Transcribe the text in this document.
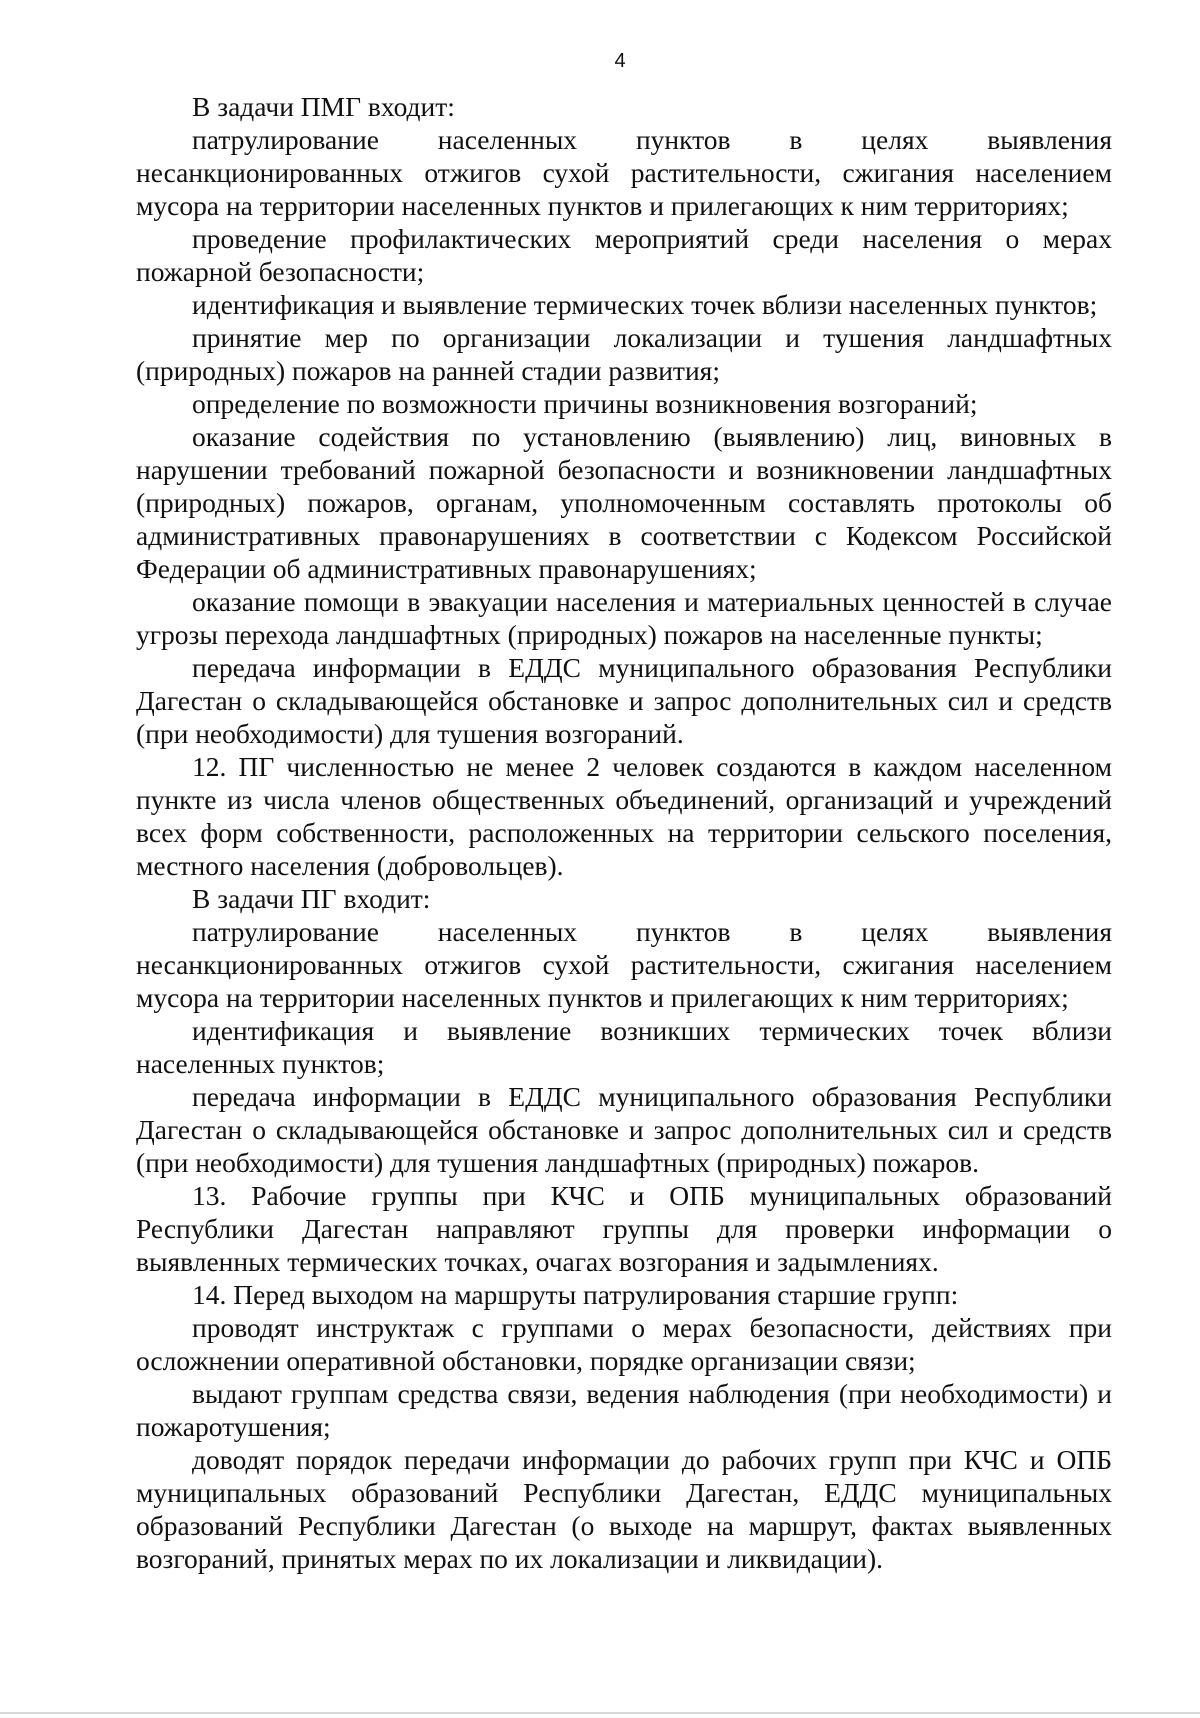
4

В задачи ПМГ входит:

патрулирование населенных пунктов в целях выявления несанкционированных отжигов сухой растительности, сжигания населением мусора на территории населенных пунктов и прилегающих к ним территориях;

проведение профилактических мероприятий среди населения о мерах пожарной безопасности;

идентификация и выявление термических точек вблизи населенных пунктов;

принятие мер по организации локализации и тушения ландшафтных (природных) пожаров на ранней стадии развития;

определение по возможности причины возникновения возгораний;

оказание содействия по установлению (выявлению) лиц, виновных в нарушении требований пожарной безопасности и возникновении ландшафтных (природных) пожаров, органам, уполномоченным составлять протоколы об административных правонарушениях в соответствии с Кодексом Российской Федерации об административных правонарушениях;

оказание помощи в эвакуации населения и материальных ценностей в случае угрозы перехода ландшафтных (природных) пожаров на населенные пункты;

передача информации в ЕДДС муниципального образования Республики Дагестан о складывающейся обстановке и запрос дополнительных сил и средств (при необходимости) для тушения возгораний.

12. ПГ численностью не менее 2 человек создаются в каждом населенном пункте из числа членов общественных объединений, организаций и учреждений всех форм собственности, расположенных на территории сельского поселения, местного населения (добровольцев).

В задачи ПГ входит:

патрулирование населенных пунктов в целях выявления несанкционированных отжигов сухой растительности, сжигания населением мусора на территории населенных пунктов и прилегающих к ним территориях;

идентификация и выявление возникших термических точек вблизи населенных пунктов;

передача информации в ЕДДС муниципального образования Республики Дагестан о складывающейся обстановке и запрос дополнительных сил и средств (при необходимости) для тушения ландшафтных (природных) пожаров.

13. Рабочие группы при КЧС и ОПБ муниципальных образований Республики Дагестан направляют группы для проверки информации о выявленных термических точках, очагах возгорания и задымлениях.

14. Перед выходом на маршруты патрулирования старшие групп:

проводят инструктаж с группами о мерах безопасности, действиях при осложнении оперативной обстановки, порядке организации связи;

выдают группам средства связи, ведения наблюдения (при необходимости) и пожаротушения;

доводят порядок передачи информации до рабочих групп при КЧС и ОПБ муниципальных образований Республики Дагестан, ЕДДС муниципальных образований Республики Дагестан (о выходе на маршрут, фактах выявленных возгораний, принятых мерах по их локализации и ликвидации).
